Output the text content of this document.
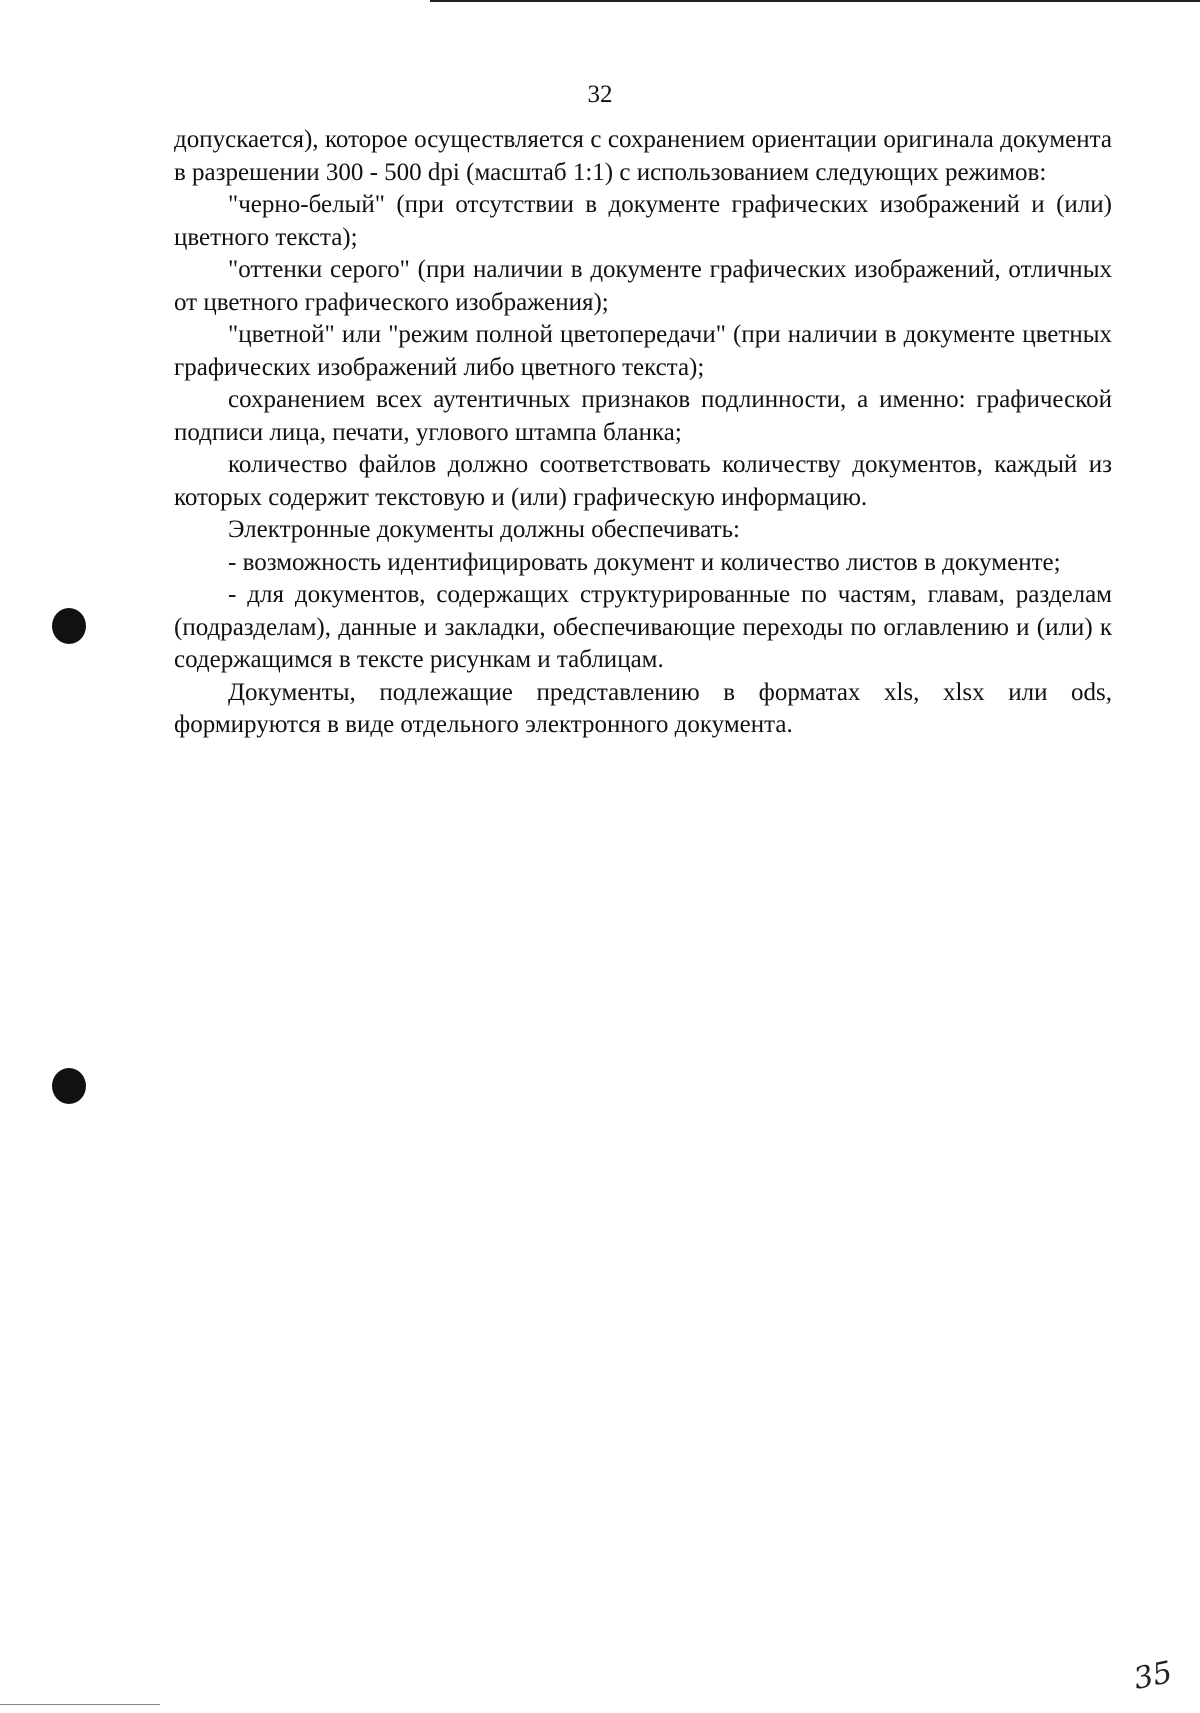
32

допускается), которое осуществляется с сохранением ориентации оригинала документа в разрешении 300 - 500 dpi (масштаб 1:1) с использованием следующих режимов:

"черно-белый" (при отсутствии в документе графических изображений и (или) цветного текста);

"оттенки серого" (при наличии в документе графических изображений, отличных от цветного графического изображения);

"цветной" или "режим полной цветопередачи" (при наличии в документе цветных графических изображений либо цветного текста);

сохранением всех аутентичных признаков подлинности, а именно: графической подписи лица, печати, углового штампа бланка;

количество файлов должно соответствовать количеству документов, каждый из которых содержит текстовую и (или) графическую информацию.

Электронные документы должны обеспечивать:

- возможность идентифицировать документ и количество листов в документе;

- для документов, содержащих структурированные по частям, главам, разделам (подразделам), данные и закладки, обеспечивающие переходы по оглавлению и (или) к содержащимся в тексте рисункам и таблицам.

Документы, подлежащие представлению в форматах xls, xlsx или ods, формируются в виде отдельного электронного документа.

35
